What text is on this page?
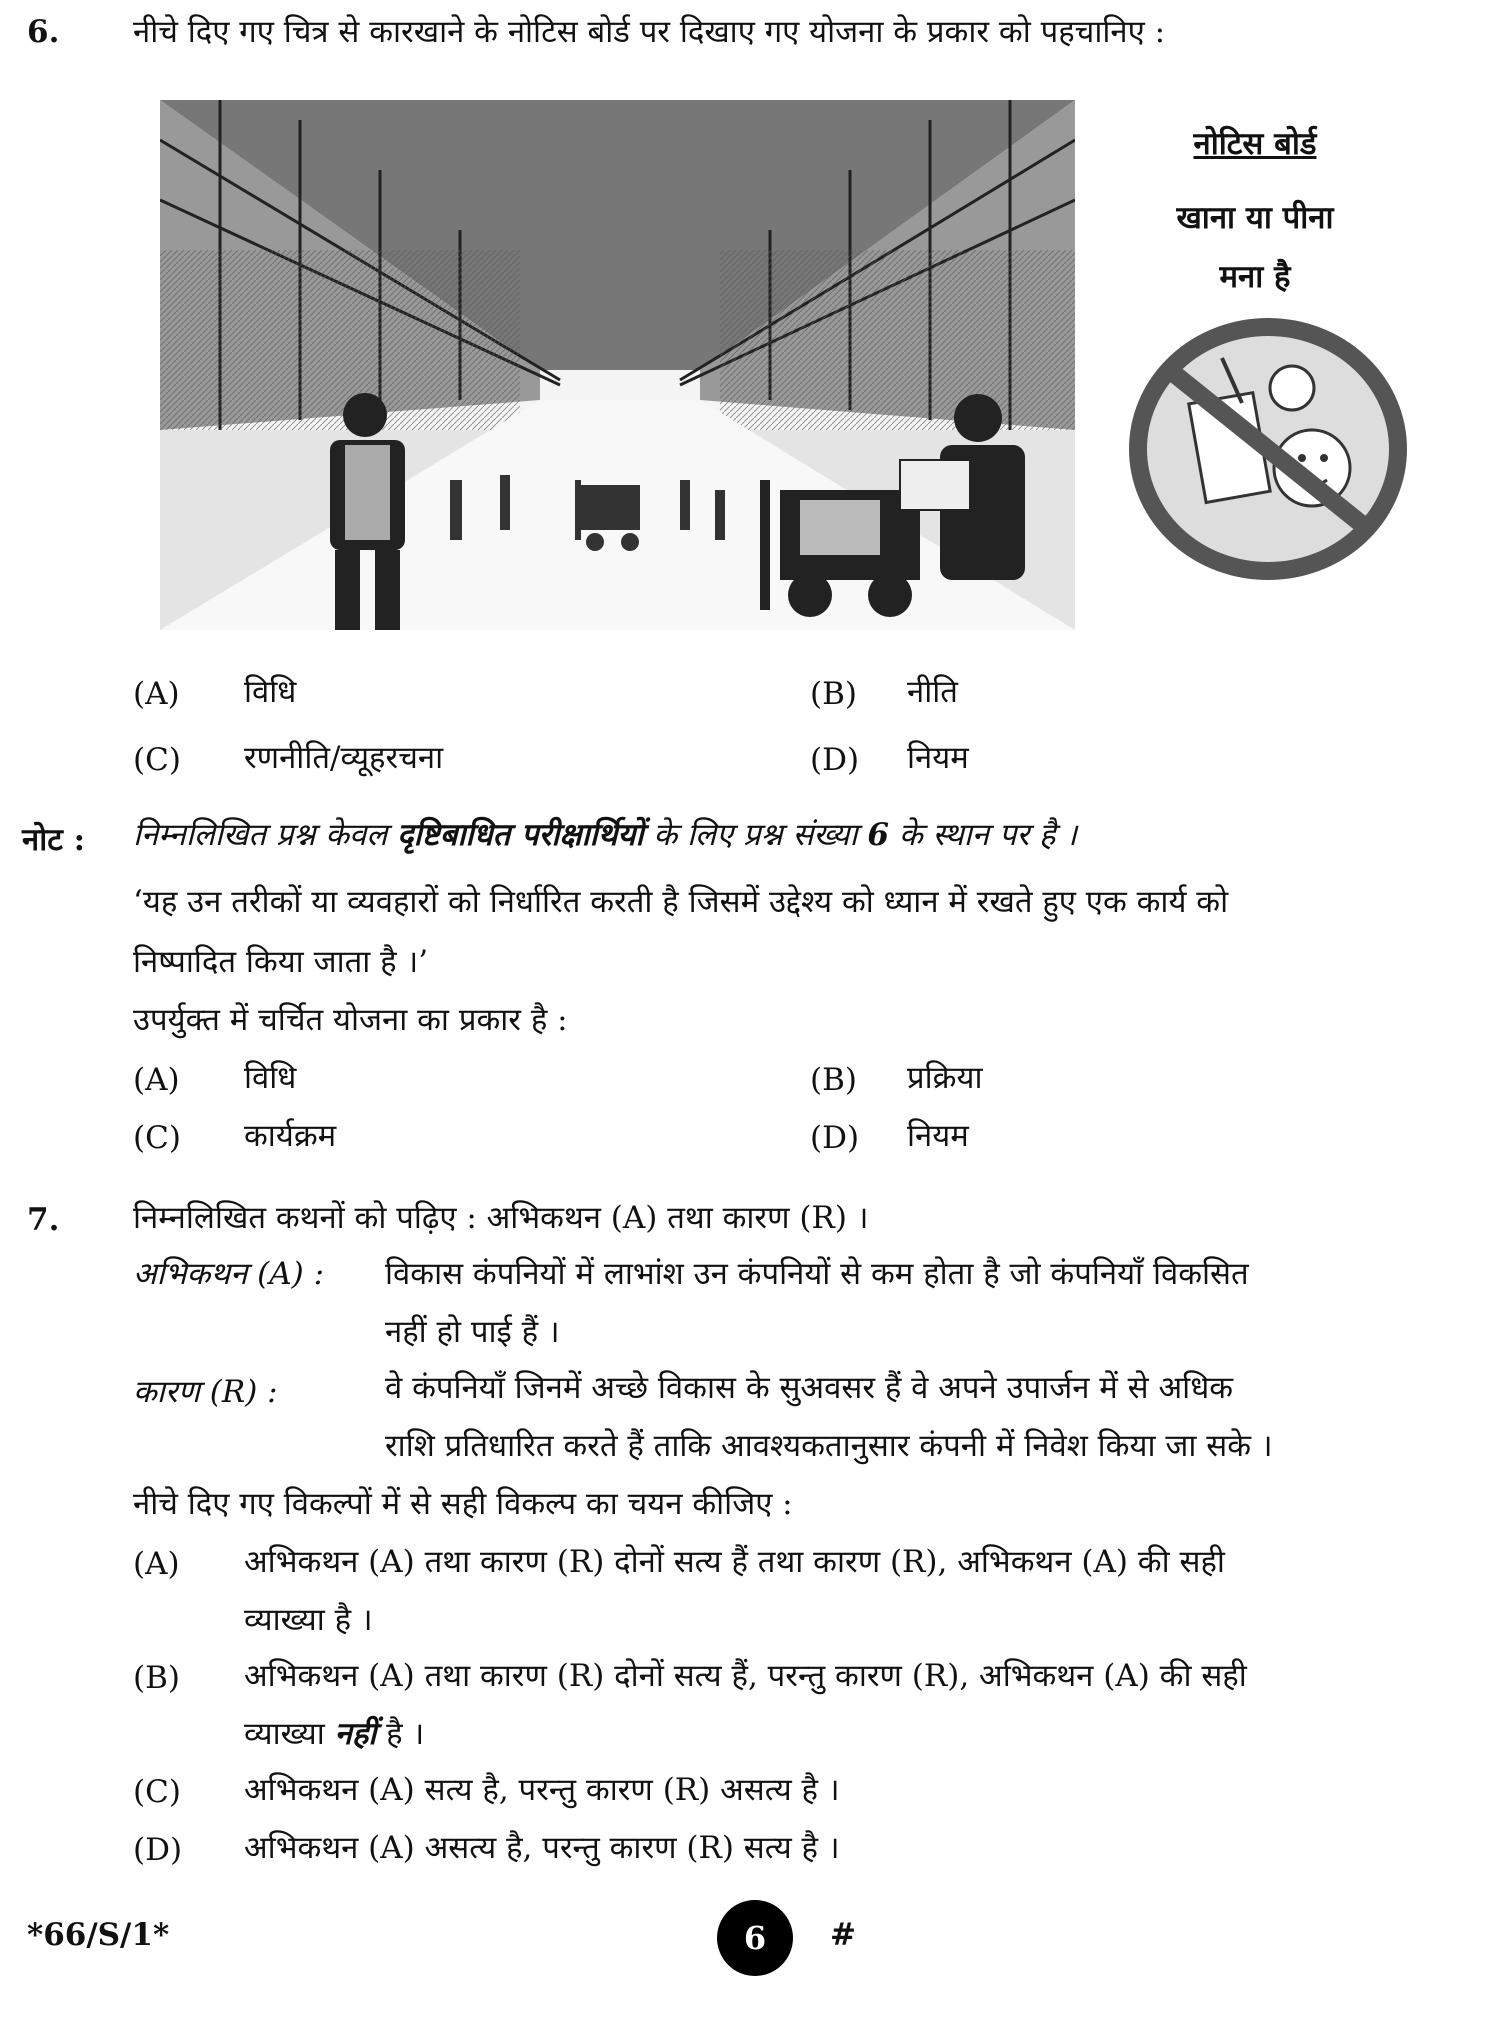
6. नीचे दिए गए चित्र से कारखाने के नोटिस बोर्ड पर दिखाए गए योजना के प्रकार को पहचानिए :
नोटिस बोर्ड
खाना या पीना
मना है
(A) विधि	(B) नीति
(C) रणनीति/व्यूहरचना	(D) नियम
नोट : निम्नलिखित प्रश्न केवल दृष्टिबाधित परीक्षार्थियों के लिए प्रश्न संख्या 6 के स्थान पर है ।
‘यह उन तरीकों या व्यवहारों को निर्धारित करती है जिसमें उद्देश्य को ध्यान में रखते हुए एक कार्य को
निष्पादित किया जाता है ।’
उपर्युक्त में चर्चित योजना का प्रकार है :
(A) विधि	(B) प्रक्रिया
(C) कार्यक्रम	(D) नियम
7. निम्नलिखित कथनों को पढ़िए : अभिकथन (A) तथा कारण (R) ।
अभिकथन (A) : विकास कंपनियों में लाभांश उन कंपनियों से कम होता है जो कंपनियाँ विकसित
नहीं हो पाई हैं ।
कारण (R) :	वे कंपनियाँ जिनमें अच्छे विकास के सुअवसर हैं वे अपने उपार्जन में से अधिक
राशि प्रतिधारित करते हैं ताकि आवश्यकतानुसार कंपनी में निवेश किया जा सके ।
नीचे दिए गए विकल्पों में से सही विकल्प का चयन कीजिए :
(A) अभिकथन (A) तथा कारण (R) दोनों सत्य हैं तथा कारण (R), अभिकथन (A) की सही
व्याख्या है ।
(B) अभिकथन (A) तथा कारण (R) दोनों सत्य हैं, परन्तु कारण (R), अभिकथन (A) की सही
व्याख्या नहीं है ।
(C) अभिकथन (A) सत्य है, परन्तु कारण (R) असत्य है ।
(D) अभिकथन (A) असत्य है, परन्तु कारण (R) सत्य है ।
*66/S/1*	6	#
